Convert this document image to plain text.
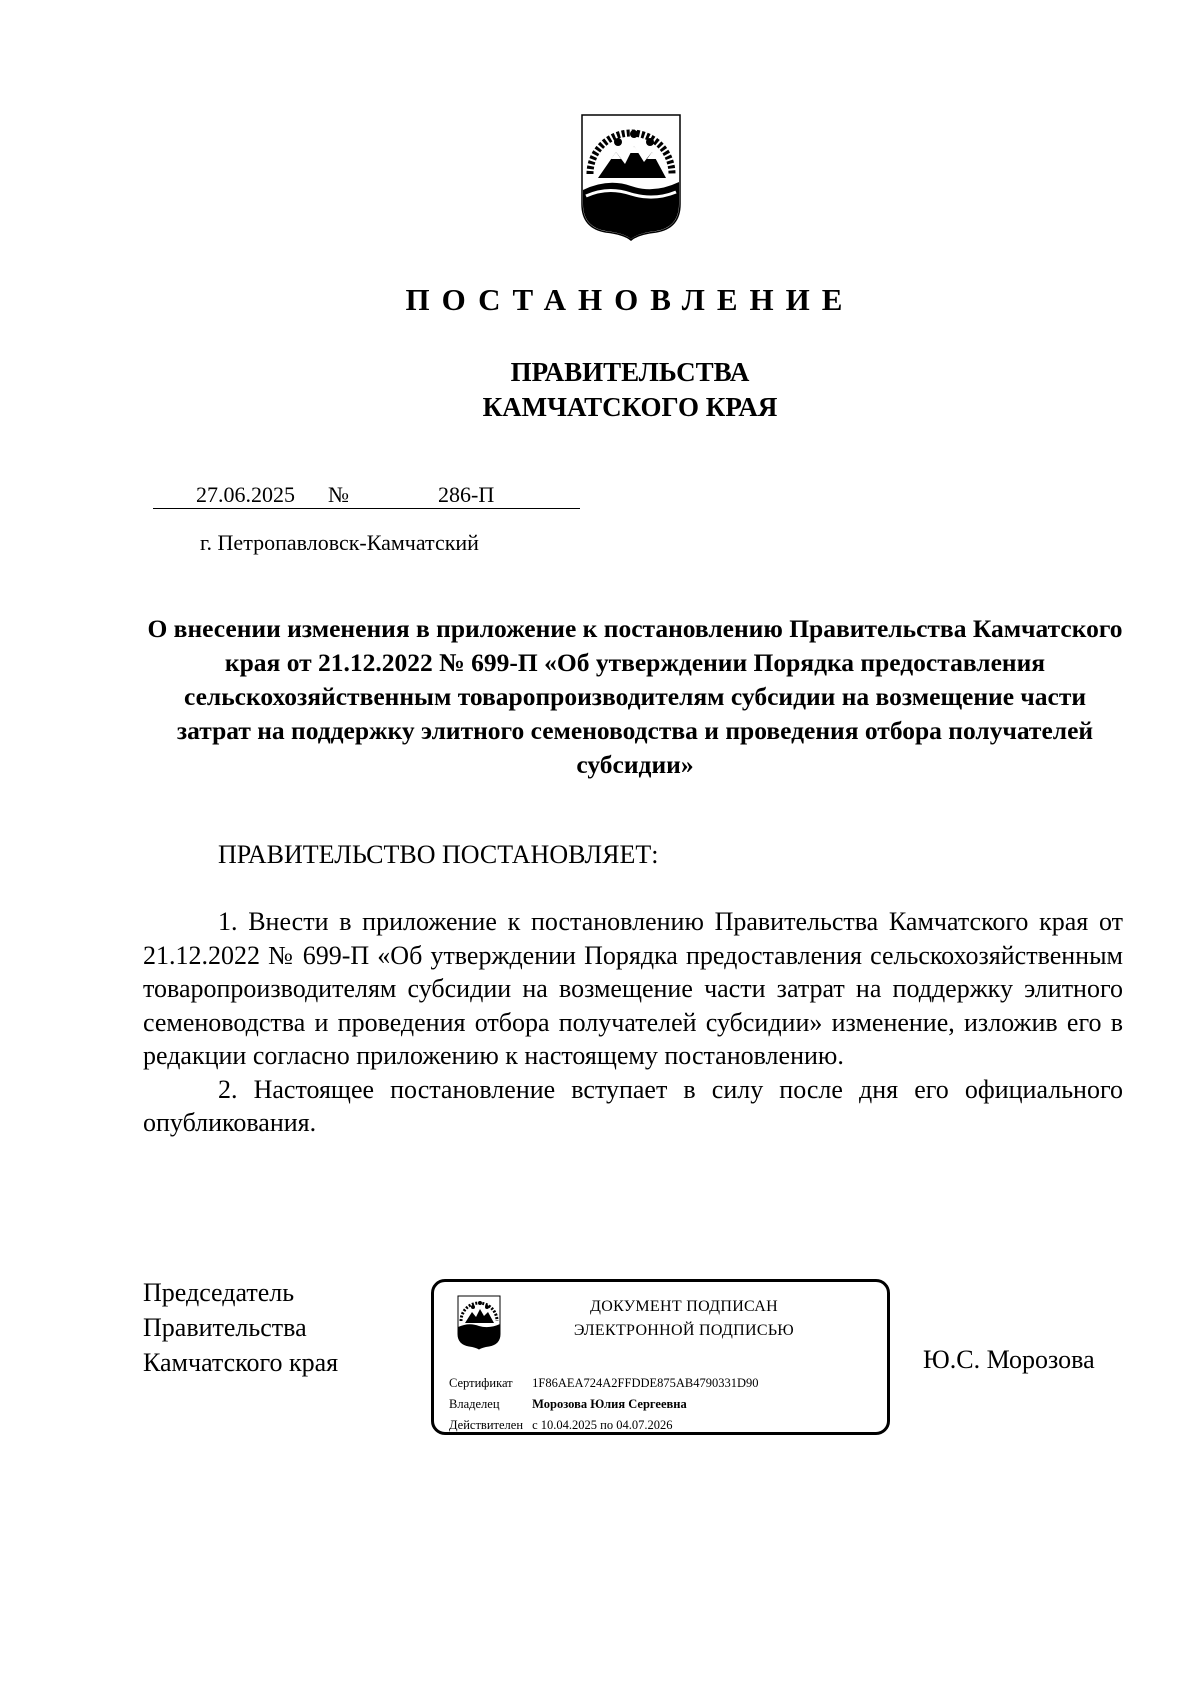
ПОСТАНОВЛЕНИЕ
ПРАВИТЕЛЬСТВА
КАМЧАТСКОГО КРАЯ
27.06.2025	№	286-П
г. Петропавловск-Камчатский
О внесении изменения в приложение к постановлению Правительства Камчатского края от 21.12.2022 № 699-П «Об утверждении Порядка предоставления сельскохозяйственным товаропроизводителям субсидии на возмещение части затрат на поддержку элитного семеноводства и проведения отбора получателей субсидии»
ПРАВИТЕЛЬСТВО ПОСТАНОВЛЯЕТ:

1. Внести в приложение к постановлению Правительства Камчатского края от 21.12.2022 № 699-П «Об утверждении Порядка предоставления сельскохозяйственным товаропроизводителям субсидии на возмещение части затрат на поддержку элитного семеноводства и проведения отбора получателей субсидии» изменение, изложив его в редакции согласно приложению к настоящему постановлению.

2. Настоящее постановление вступает в силу после дня его официального опубликования.

Председатель
Правительства
Камчатского края
ДОКУМЕНТ ПОДПИСАН
ЭЛЕКТРОННОЙ ПОДПИСЬЮ
Сертификат 1F86AEA724A2FFDDE875AB4790331D90
Владелец	Морозова Юлия Сергеевна
Действителен с 10.04.2025 по 04.07.2026
Ю.С. Морозова
